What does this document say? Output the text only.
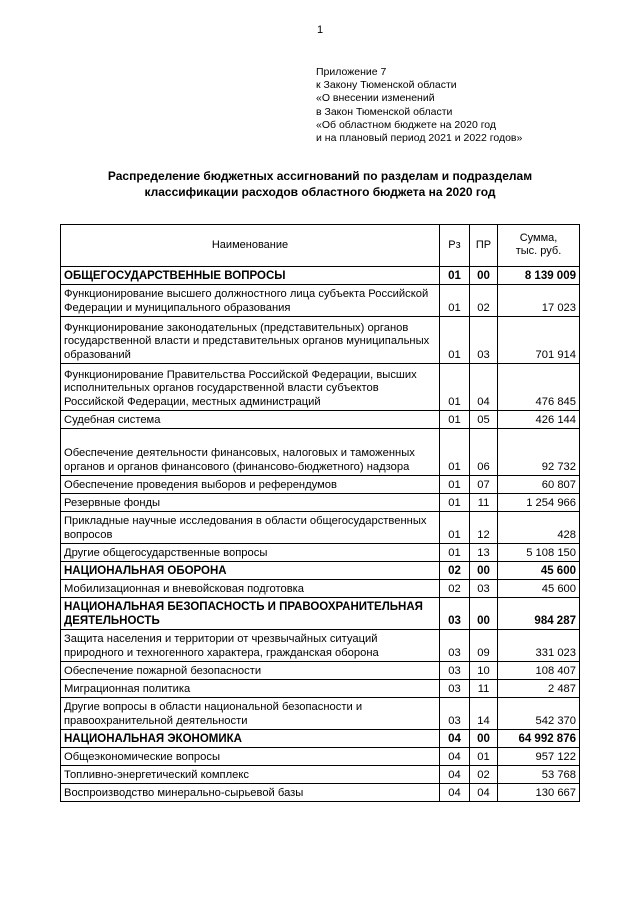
1
Приложение 7
к Закону Тюменской области
«О внесении изменений
в Закон Тюменской области
«Об областном бюджете на 2020 год
и на плановый период 2021 и 2022 годов»
Распределение бюджетных ассигнований по разделам и подразделам
классификации расходов областного бюджета на 2020 год
Наименование	Рз	ПР	Сумма,
тыс. руб.

ОБЩЕГОСУДАРСТВЕННЫЕ ВОПРОСЫ	01	00	8 139 009
Функционирование высшего должностного лица субъекта Российской Федерации и муниципального образования	01	02	17 023
Функционирование законодательных (представительных) органов государственной власти и представительных органов муниципальных образований	01	03	701 914
Функционирование Правительства Российской Федерации, высших исполнительных органов государственной власти субъектов Российской Федерации, местных администраций	01	04	476 845
Судебная система	01	05	426 144
Обеспечение деятельности финансовых, налоговых и таможенных органов и органов финансового (финансово-бюджетного) надзора	01	06	92 732
Обеспечение проведения выборов и референдумов	01	07	60 807
Резервные фонды	01	11	1 254 966
Прикладные научные исследования в области общегосударственных вопросов	01	12	428
Другие общегосударственные вопросы	01	13	5 108 150
НАЦИОНАЛЬНАЯ ОБОРОНА	02	00	45 600
Мобилизационная и вневойсковая подготовка	02	03	45 600
НАЦИОНАЛЬНАЯ БЕЗОПАСНОСТЬ И ПРАВООХРАНИТЕЛЬНАЯ ДЕЯТЕЛЬНОСТЬ	03	00	984 287
Защита населения и территории от чрезвычайных ситуаций природного и техногенного характера, гражданская оборона	03	09	331 023
Обеспечение пожарной безопасности	03	10	108 407
Миграционная политика	03	11	2 487
Другие вопросы в области национальной безопасности и правоохранительной деятельности	03	14	542 370
НАЦИОНАЛЬНАЯ ЭКОНОМИКА	04	00	64 992 876
Общеэкономические вопросы	04	01	957 122
Топливно-энергетический комплекс	04	02	53 768
Воспроизводство минерально-сырьевой базы	04	04	130 667
